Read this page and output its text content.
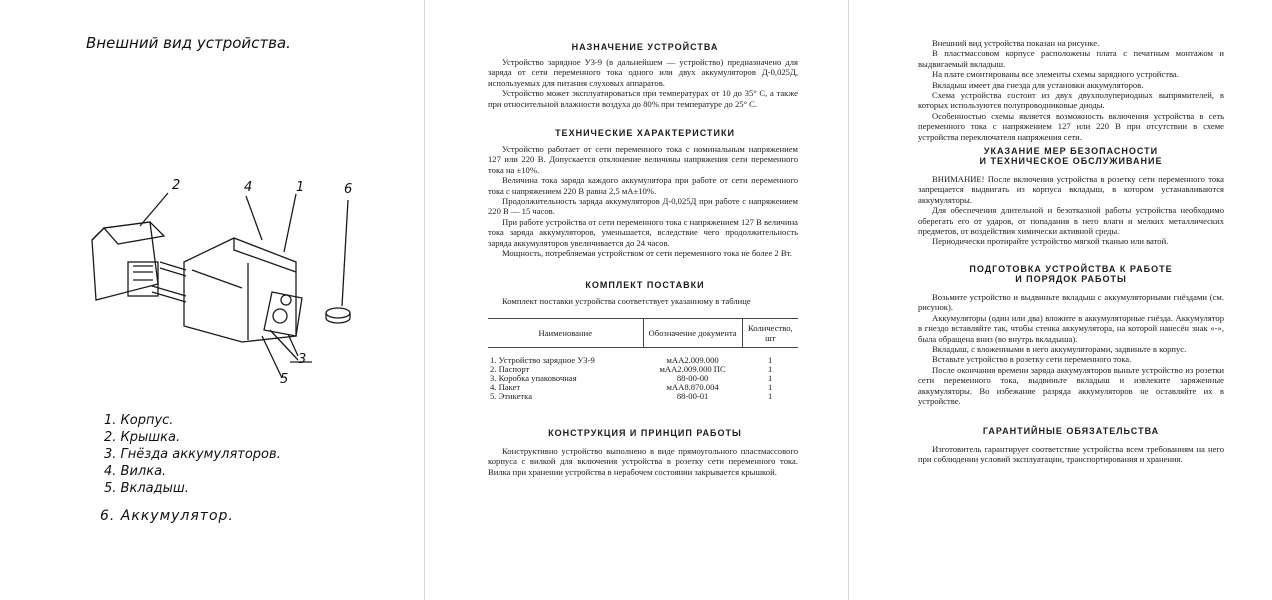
Внешний вид устройства.
2	4	1	6
3
5
1. Корпус.
2. Крышка.
3. Гнёзда аккумуляторов.
4. Вилка.
5. Вкладыш.
6. Аккумулятор.
НАЗНАЧЕНИЕ УСТРОЙСТВА

Устройство зарядное УЗ-9 (в дальнейшем — устройство) предназначено для заряда от сети переменного тока одного или двух аккумуляторов Д-0,025Д, используемых для питания слуховых аппаратов.

Устройство может эксплуатироваться при температурах от 10 до 35° С, а также при относительной влажности воздуха до 80% при температуре до 25° С.

ТЕХНИЧЕСКИЕ ХАРАКТЕРИСТИКИ

Устройство работает от сети переменного тока с номинальным напряжением 127 или 220 В. Допускается отклонение величины напряжения сети переменного тока на ±10%.

Величина тока заряда каждого аккумулятора при работе от сети переменного тока с напряжением 220 В равна 2,5 мА±10%.

Продолжительность заряда аккумуляторов Д-0,025Д при работе с напряжением 220 В — 15 часов.

При работе устройства от сети переменного тока с напряжением 127 В величина тока заряда аккумуляторов, уменьшается, вследствие чего продолжительность заряда аккумуляторов увеличивается до 24 часов.

Мощность, потребляемая устройством от сети переменного тока не более 2 Вт.

КОМПЛЕКТ ПОСТАВКИ

Комплект поставки устройства соответствует указанному в таблице

Наименование	Обозначение документа	Количество, шт
1. Устройство зарядное УЗ-9	мАА2.009.000	1
2. Паспорт	мАА2.009.000 ПС	1
3. Коробка упаковочная	88-00-00	1
4. Пакет	мАА8.870.004	1
5. Этикетка	88-00-01	1
КОНСТРУКЦИЯ И ПРИНЦИП РАБОТЫ

Конструктивно устройство выполнено в виде прямоугольного пластмассового корпуса с вилкой для включения устройства в розетку сети переменного тока. Вилка при хранении устройства в нерабочем состоянии закрывается крышкой.

Внешний вид устройства показан на рисунке.

В пластмассовом корпусе расположены плата с печатным монтажом и выдвигаемый вкладыш.

На плате смонтированы все элементы схемы зарядного устройства.

Вкладыш имеет два гнезда для установки аккумуляторов.

Схема устройства состоит из двух двухполупериодных выпрямителей, в которых используются полупроводниковые диоды.

Особенностью схемы является возможность включения устройства в сеть переменного тока с напряжением 127 или 220 В при отсутствии в схеме устройства переключателя напряжения сети.

УКАЗАНИЕ МЕР БЕЗОПАСНОСТИ
И ТЕХНИЧЕСКОЕ ОБСЛУЖИВАНИЕ

ВНИМАНИЕ! После включения устройства в розетку сети переменного тока запрещается выдвигать из корпуса вкладыш, в котором устанавливаются аккумуляторы.

Для обеспечения длительной и безотказной работы устройства необходимо оберегать его от ударов, от попадания в него влаги и мелких металлических предметов, от воздействия химически активной среды.

Периодически протирайте устройство мягкой тканью или ватой.

ПОДГОТОВКА УСТРОЙСТВА К РАБОТЕ
И ПОРЯДОК РАБОТЫ

Возьмите устройство и выдвиньте вкладыш с аккумуляторными гнёздами (см. рисунок).

Аккумуляторы (один или два) вложите в аккумуляторные гнёзда. Аккумулятор в гнездо вставляйте так, чтобы стенка аккумулятора, на которой нанесён знак «-», была обращена вниз (во внутрь вкладыша).

Вкладыш, с вложенными в него аккумуляторами, задвиньте в корпус.

Вставьте устройство в розетку сети переменного тока.

После окончания времени заряда аккумуляторов выньте устройство из розетки сети переменного тока, выдвиньте вкладыш и извлеките заряженные аккумуляторы. Во избежание разряда аккумуляторов не оставляйте их в устройстве.

ГАРАНТИЙНЫЕ ОБЯЗАТЕЛЬСТВА

Изготовитель гарантирует соответствие устройства всем требованиям на него при соблюдении условий эксплуатации, транспортирования и хранения.
